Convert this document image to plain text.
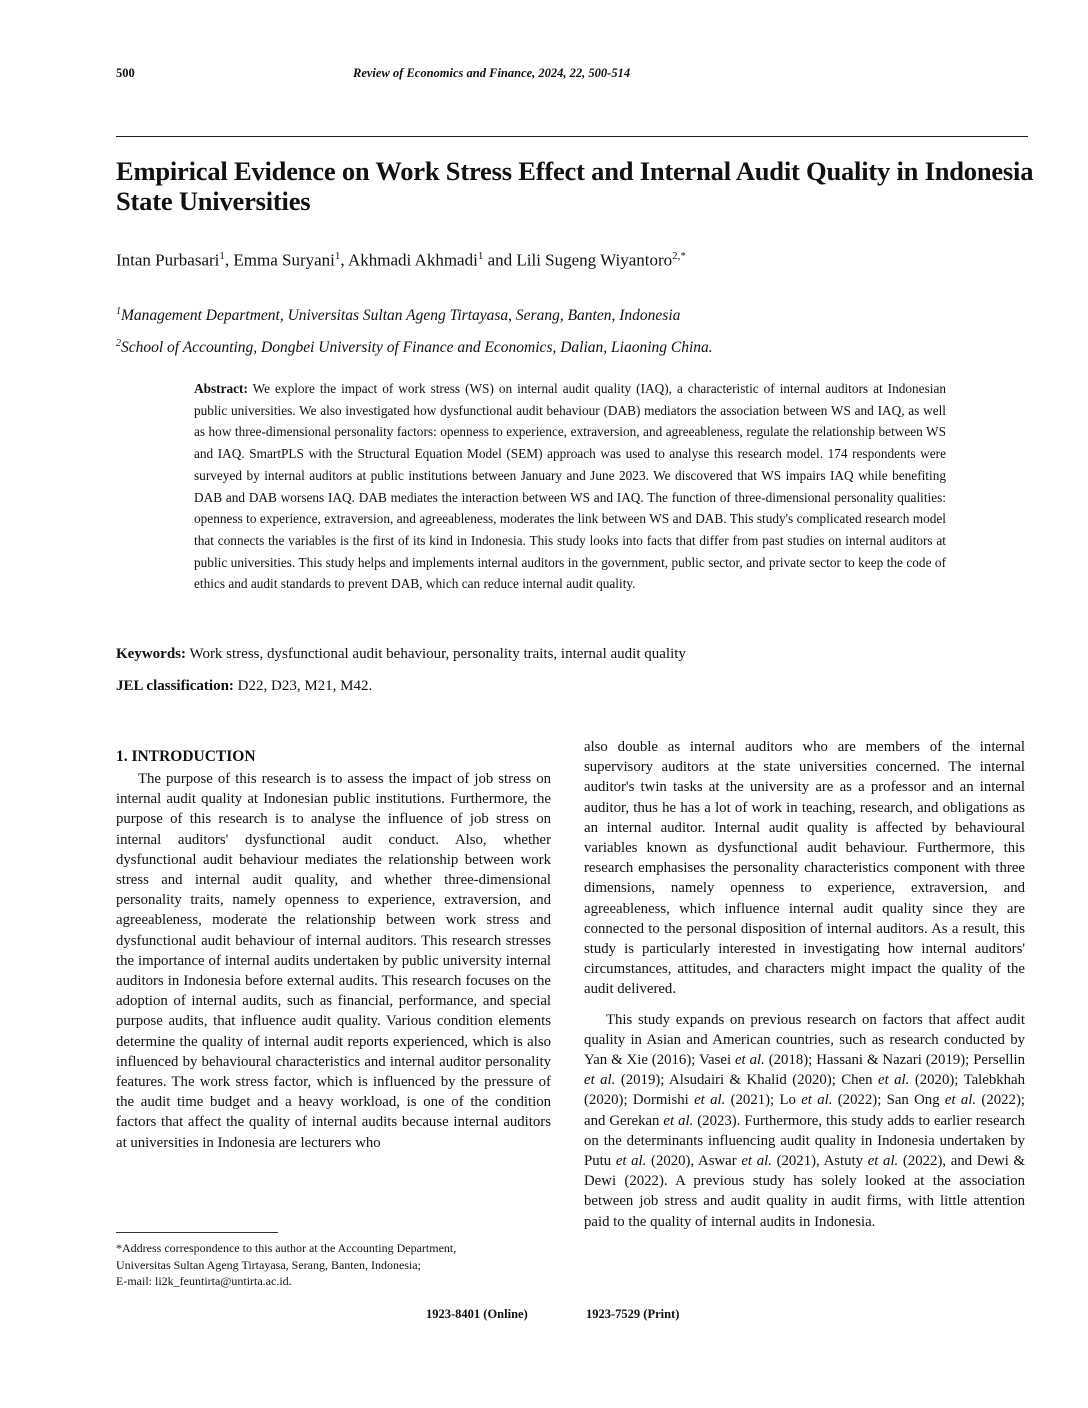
500	Review of Economics and Finance, 2024, 22, 500-514
Empirical Evidence on Work Stress Effect and Internal Audit Quality in Indonesia State Universities
Intan Purbasari$^1$, Emma Suryani$^1$, Akhmadi Akhmadi$^1$ and Lili Sugeng Wiyantoro$^{2,*}$
$^1$Management Department, Universitas Sultan Ageng Tirtayasa, Serang, Banten, Indonesia
$^2$School of Accounting, Dongbei University of Finance and Economics, Dalian, Liaoning China.
Abstract: We explore the impact of work stress (WS) on internal audit quality (IAQ), a characteristic of internal auditors at Indonesian public universities. We also investigated how dysfunctional audit behaviour (DAB) mediators the association between WS and IAQ, as well as how three-dimensional personality factors: openness to experience, extraversion, and agreeableness, regulate the relationship between WS and IAQ. SmartPLS with the Structural Equation Model (SEM) approach was used to analyse this research model. 174 respondents were surveyed by internal auditors at public institutions between January and June 2023. We discovered that WS impairs IAQ while benefiting DAB and DAB worsens IAQ. DAB mediates the interaction between WS and IAQ. The function of three-dimensional personality qualities: openness to experience, extraversion, and agreeableness, moderates the link between WS and DAB. This study's complicated research model that connects the variables is the first of its kind in Indonesia. This study looks into facts that differ from past studies on internal auditors at public universities. This study helps and implements internal auditors in the government, public sector, and private sector to keep the code of ethics and audit standards to prevent DAB, which can reduce internal audit quality.
Keywords: Work stress, dysfunctional audit behaviour, personality traits, internal audit quality
JEL classification: D22, D23, M21, M42.
1. INTRODUCTION

The purpose of this research is to assess the impact of job stress on internal audit quality at Indonesian public institutions. Furthermore, the purpose of this research is to analyse the influence of job stress on internal auditors' dysfunctional audit conduct. Also, whether dysfunctional audit behaviour mediates the relationship between work stress and internal audit quality, and whether three-dimensional personality traits, namely openness to experience, extraversion, and agreeableness, moderate the relationship between work stress and dysfunctional audit behaviour of internal auditors. This research stresses the importance of internal audits undertaken by public university internal auditors in Indonesia before external audits. This research focuses on the adoption of internal audits, such as financial, performance, and special purpose audits, that influence audit quality. Various condition elements determine the quality of internal audit reports experienced, which is also influenced by behavioural characteristics and internal auditor personality features. The work stress factor, which is influenced by the pressure of the audit time budget and a heavy workload, is one of the condition factors that affect the quality of internal audits because internal auditors at universities in Indonesia are lecturers who

also double as internal auditors who are members of the internal supervisory auditors at the state universities concerned. The internal auditor's twin tasks at the university are as a professor and an internal auditor, thus he has a lot of work in teaching, research, and obligations as an internal auditor. Internal audit quality is affected by behavioural variables known as dysfunctional audit behaviour. Furthermore, this research emphasises the personality characteristics component with three dimensions, namely openness to experience, extraversion, and agreeableness, which influence internal audit quality since they are connected to the personal disposition of internal auditors. As a result, this study is particularly interested in investigating how internal auditors' circumstances, attitudes, and characters might impact the quality of the audit delivered.

This study expands on previous research on factors that affect audit quality in Asian and American countries, such as research conducted by Yan & Xie (2016); Vasei et al. (2018); Hassani & Nazari (2019); Persellin et al. (2019); Alsudairi & Khalid (2020); Chen et al. (2020); Talebkhah (2020); Dormishi et al. (2021); Lo et al. (2022); San Ong et al. (2022); and Gerekan et al. (2023). Furthermore, this study adds to earlier research on the determinants influencing audit quality in Indonesia undertaken by Putu et al. (2020), Aswar et al. (2021), Astuty et al. (2022), and Dewi & Dewi (2022). A previous study has solely looked at the association between job stress and audit quality in audit firms, with little attention paid to the quality of internal audits in Indonesia.

*Address correspondence to this author at the Accounting Department,
Universitas Sultan Ageng Tirtayasa, Serang, Banten, Indonesia;
E-mail: li2k_feuntirta@untirta.ac.id.
1923-8401 (Online)	1923-7529 (Print)
